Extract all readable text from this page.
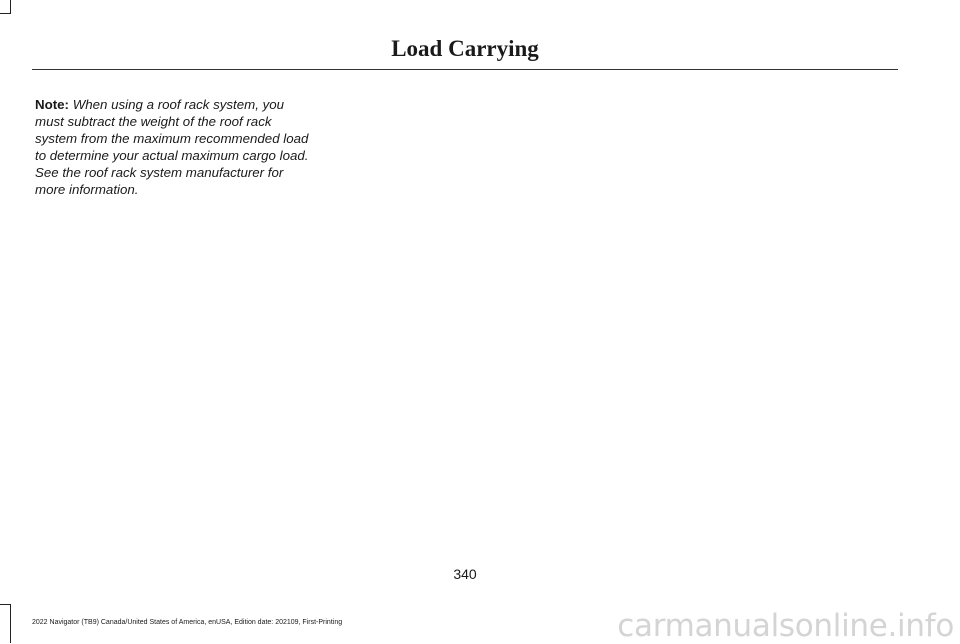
Load Carrying
Note: When using a roof rack system, you must subtract the weight of the roof rack system from the maximum recommended load to determine your actual maximum cargo load. See the roof rack system manufacturer for more information.
340
2022 Navigator (TB9) Canada/United States of America, enUSA, Edition date: 202109, First-Printing	carmanualsonline.info
